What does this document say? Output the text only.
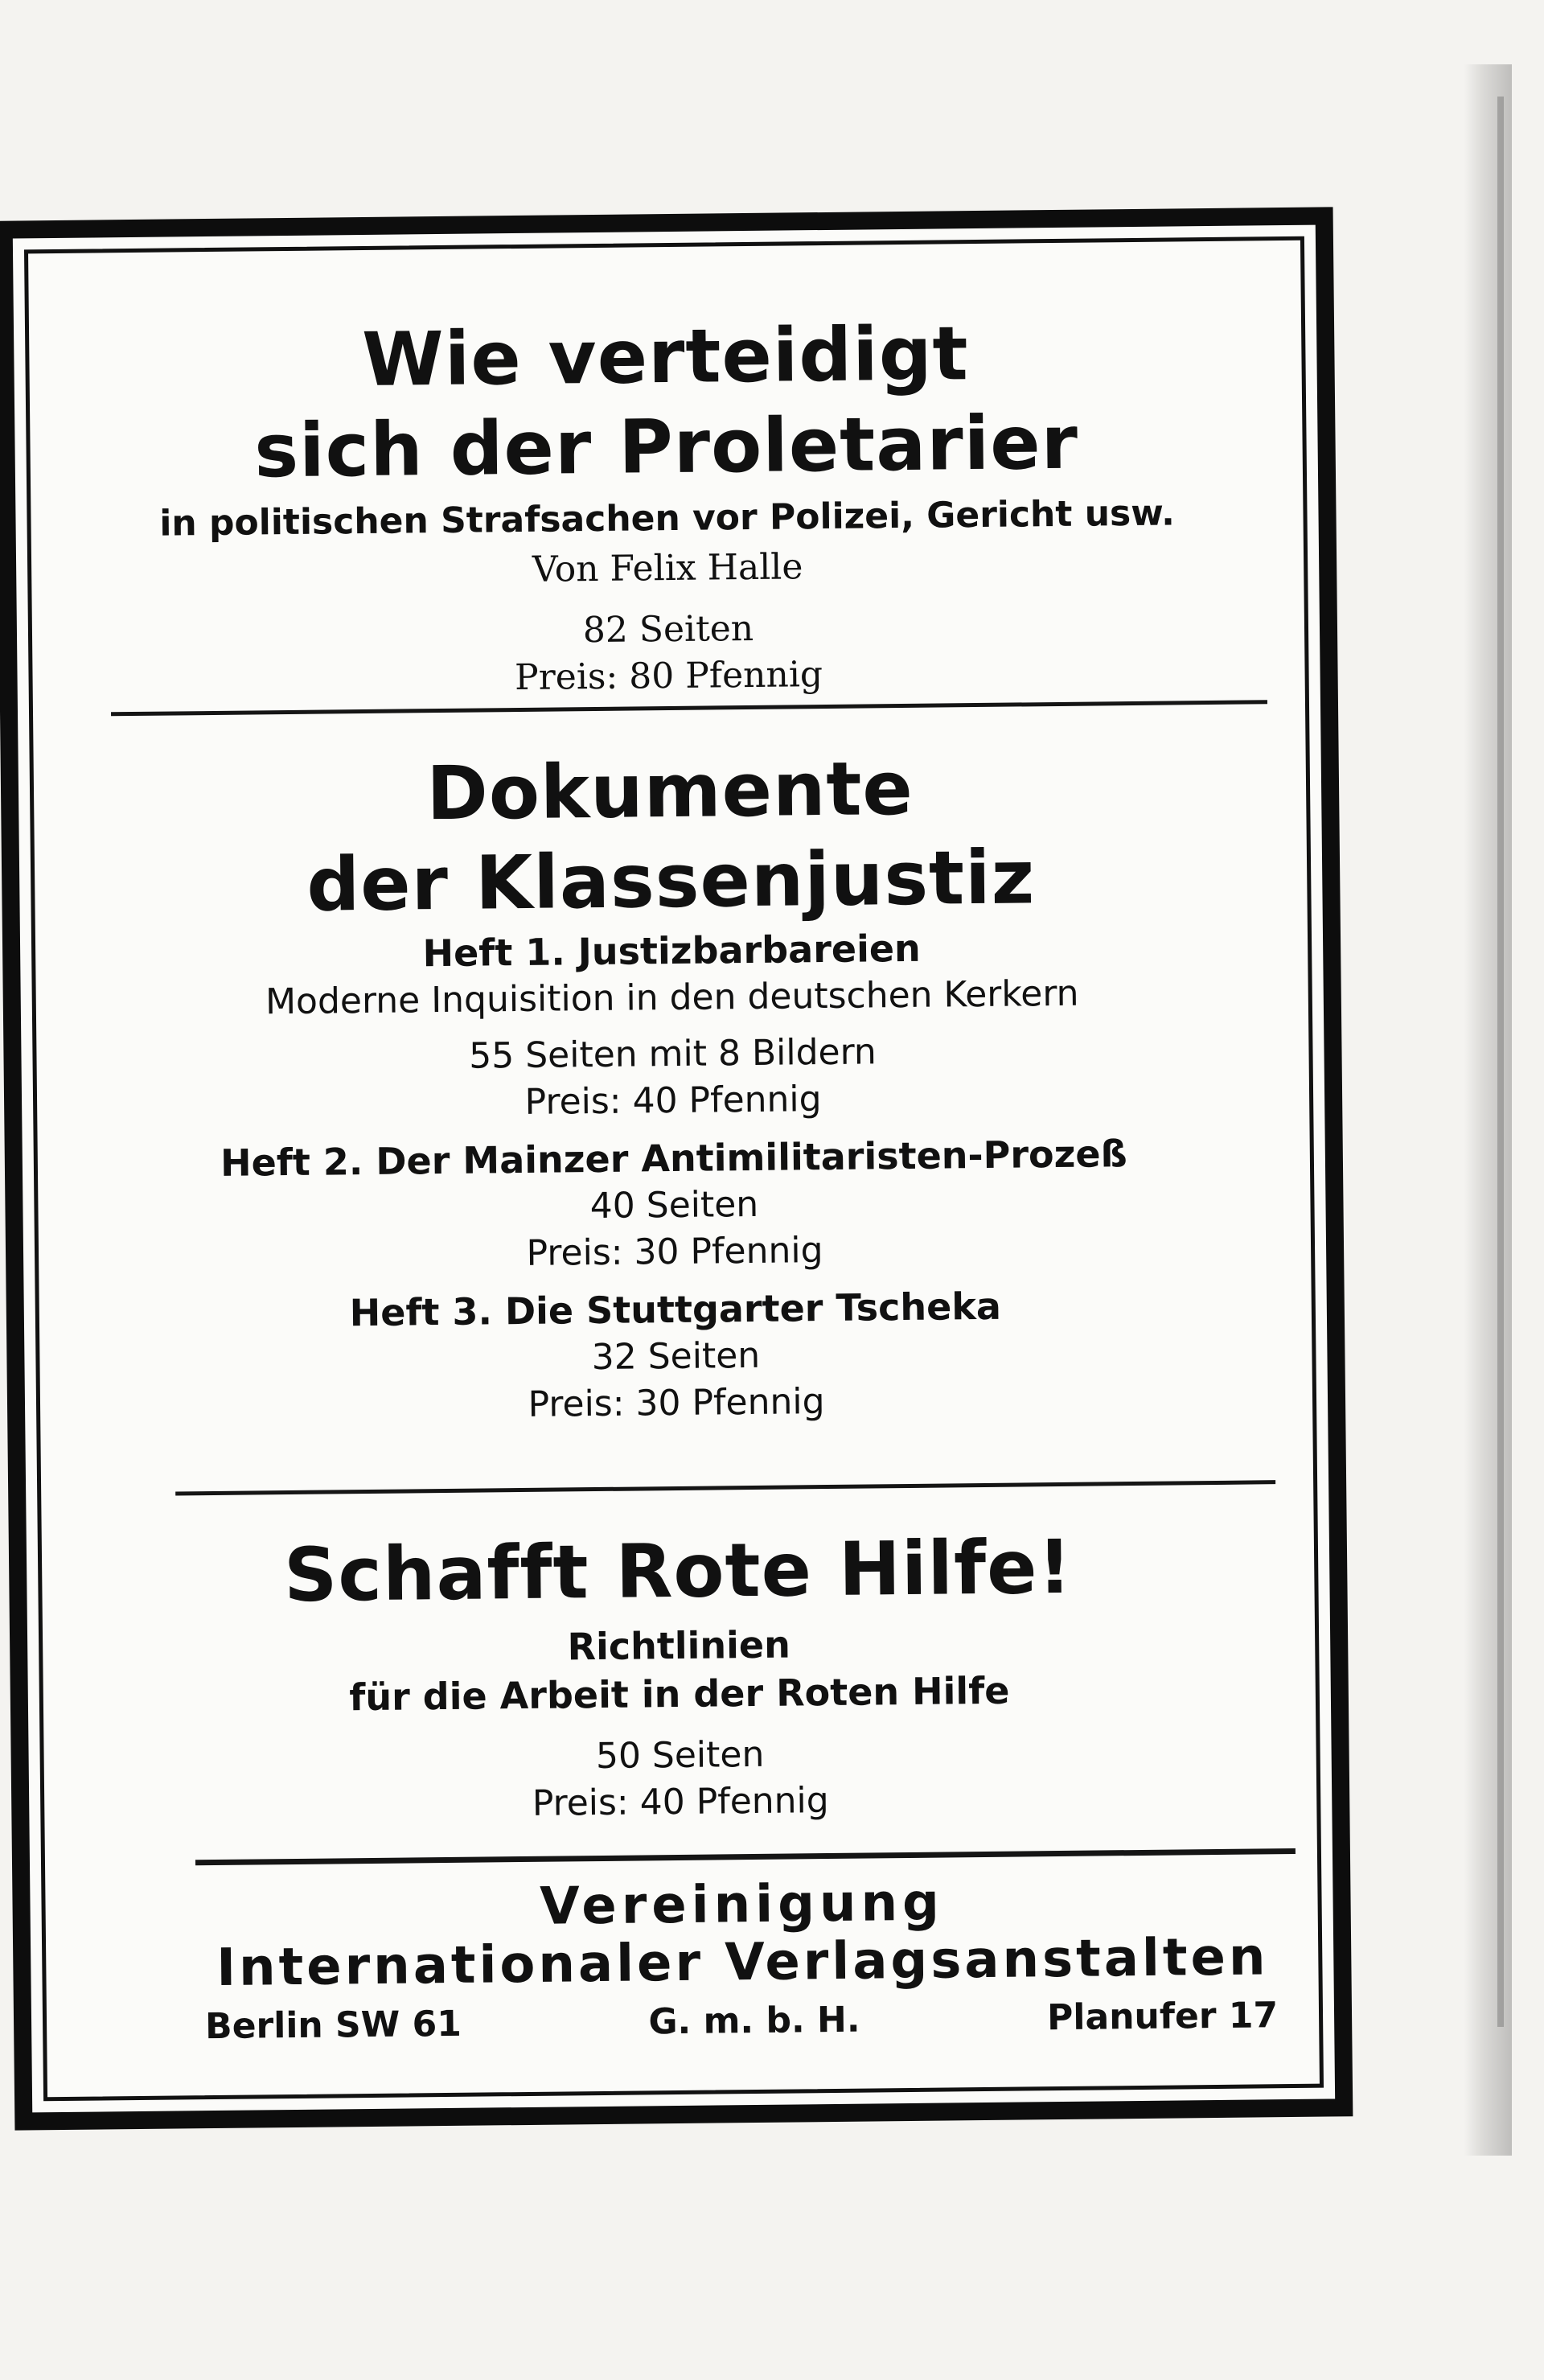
Wie verteidigt

sich der Proletarier

in politischen Strafsachen vor Polizei, Gericht usw.

Von Felix Halle

82 Seiten

Preis: 80 Pfennig

Dokumente

der Klassenjustiz

Heft 1. Justizbarbareien

Moderne Inquisition in den deutschen Kerkern

55 Seiten mit 8 Bildern

Preis: 40 Pfennig

Heft 2. Der Mainzer Antimilitaristen-Prozeß

40 Seiten

Preis: 30 Pfennig

Heft 3. Die Stuttgarter Tscheka

32 Seiten

Preis: 30 Pfennig

Schafft Rote Hilfe!

Richtlinien

für die Arbeit in der Roten Hilfe

50 Seiten

Preis: 40 Pfennig

Vereinigung

Internationaler Verlagsanstalten

Berlin SW 61	G. m. b. H.	Planufer 17
